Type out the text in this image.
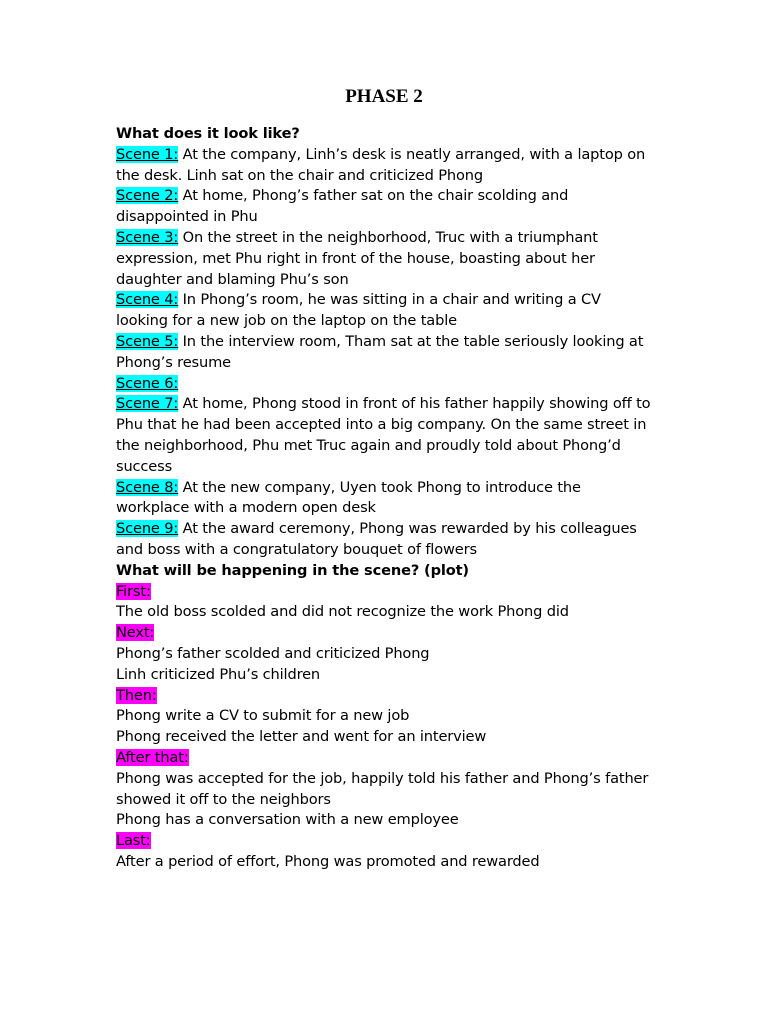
PHASE 2

What does it look like?

Scene 1: At the company, Linh’s desk is neatly arranged, with a laptop on the desk. Linh sat on the chair and criticized Phong

Scene 2: At home, Phong’s father sat on the chair scolding and disappointed in Phu

Scene 3: On the street in the neighborhood, Truc with a triumphant expression, met Phu right in front of the house, boasting about her daughter and blaming Phu’s son

Scene 4: In Phong’s room, he was sitting in a chair and writing a CV looking for a new job on the laptop on the table

Scene 5: In the interview room, Tham sat at the table seriously looking at Phong’s resume

Scene 6:

Scene 7: At home, Phong stood in front of his father happily showing off to Phu that he had been accepted into a big company. On the same street in the neighborhood, Phu met Truc again and proudly told about Phong’d success

Scene 8: At the new company, Uyen took Phong to introduce the workplace with a modern open desk

Scene 9: At the award ceremony, Phong was rewarded by his colleagues and boss with a congratulatory bouquet of flowers

What will be happening in the scene? (plot)

First:

The old boss scolded and did not recognize the work Phong did

Next:

Phong’s father scolded and criticized Phong

Linh criticized Phu’s children

Then:

Phong write a CV to submit for a new job

Phong received the letter and went for an interview

After that:

Phong was accepted for the job, happily told his father and Phong’s father showed it off to the neighbors

Phong has a conversation with a new employee

Last:

After a period of effort, Phong was promoted and rewarded
